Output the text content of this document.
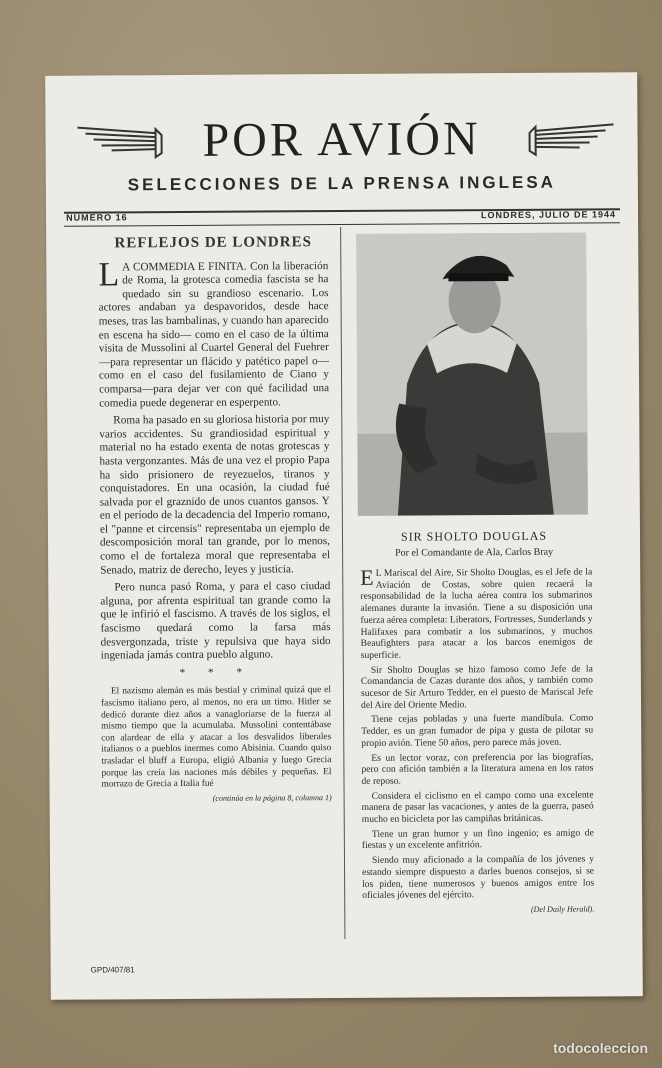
POR AVIÓN
SELECCIONES DE LA PRENSA INGLESA
NUMERO 16	LONDRES, JULIO DE 1944
REFLEJOS DE LONDRES
L A COMMEDIA E FINITA. Con la liberación de Roma, la grotesca comedia fascista se ha quedado sin su grandioso escenario. Los actores andaban ya despavoridos, desde hace meses, tras las bambalinas, y cuando han aparecido en escena ha sido— como en el caso de la última visita de Mussolini al Cuartel General del Fuehrer—para representar un flácido y patético papel o—como en el caso del fusilamiento de Ciano y comparsa—para dejar ver con qué facilidad una comedia puede degenerar en esperpento.

Roma ha pasado en su gloriosa historia por muy varios accidentes. Su grandiosidad espiritual y material no ha estado exenta de notas grotescas y hasta vergonzantes. Más de una vez el propio Papa ha sido prisionero de reyezuelos, tiranos y conquistadores. En una ocasión, la ciudad fué salvada por el graznido de unos cuantos gansos. Y en el período de la decadencia del Imperio romano, el "panne et circensis" representaba un ejemplo de descomposición moral tan grande, por lo menos, como el de fortaleza moral que representaba el Senado, matriz de derecho, leyes y justicia.

Pero nunca pasó Roma, y para el caso ciudad alguna, por afrenta espiritual tan grande como la que le infirió el fascismo. A través de los siglos, el fascismo quedará como la farsa más desvergonzada, triste y repulsiva que haya sido ingeniada jamás contra pueblo alguno.

* * *

El nazismo alemán es más bestial y criminal quizá que el fascismo italiano pero, al menos, no era un timo. Hitler se dedicó durante diez años a vanagloriarse de la fuerza al mismo tiempo que la acumulaba. Mussolini contentábase con alardear de ella y atacar a los desvalidos liberales italianos o a pueblos inermes como Abisinia. Cuando quiso trasladar el bluff a Europa, eligió Albania y luego Grecia porque las creía las naciones más débiles y pequeñas. El morrazo de Grecia a Italia fué

(continúa en la página 8, columna 1)
SIR SHOLTO DOUGLAS
Por el Comandante de Ala, Carlos Bray
E L Mariscal del Aire, Sir Sholto Douglas, es el Jefe de la Aviación de Costas, sobre quien recaerá la responsabilidad de la lucha aérea contra los submarinos alemanes durante la invasión. Tiene a su disposición una fuerza aérea completa: Liberators, Fortresses, Sunderlands y Halifaxes para combatir a los submarinos, y muchos Beaufighters para atacar a los barcos enemigos de superficie.

Sir Sholto Douglas se hizo famoso como Jefe de la Comandancia de Cazas durante dos años, y también como sucesor de Sir Arturo Tedder, en el puesto de Mariscal Jefe del Aire del Oriente Medio.

Tiene cejas pobladas y una fuerte mandíbula. Como Tedder, es un gran fumador de pipa y gusta de pilotar su propio avión. Tiene 50 años, pero parece más joven.

Es un lector voraz, con preferencia por las biografías, pero con afición también a la literatura amena en los ratos de reposo.

Considera el ciclismo en el campo como una excelente manera de pasar las vacaciones, y antes de la guerra, paseó mucho en bicicleta por las campiñas británicas.

Tiene un gran humor y un fino ingenio; es amigo de fiestas y un excelente anfitrión.

Siendo muy aficionado a la compañía de los jóvenes y estando siempre dispuesto a darles buenos consejos, si se los piden, tiene numerosos y buenos amigos entre los oficiales jóvenes del ejército.

(Del Daily Herald).
GPD/407/81
todocoleccion
